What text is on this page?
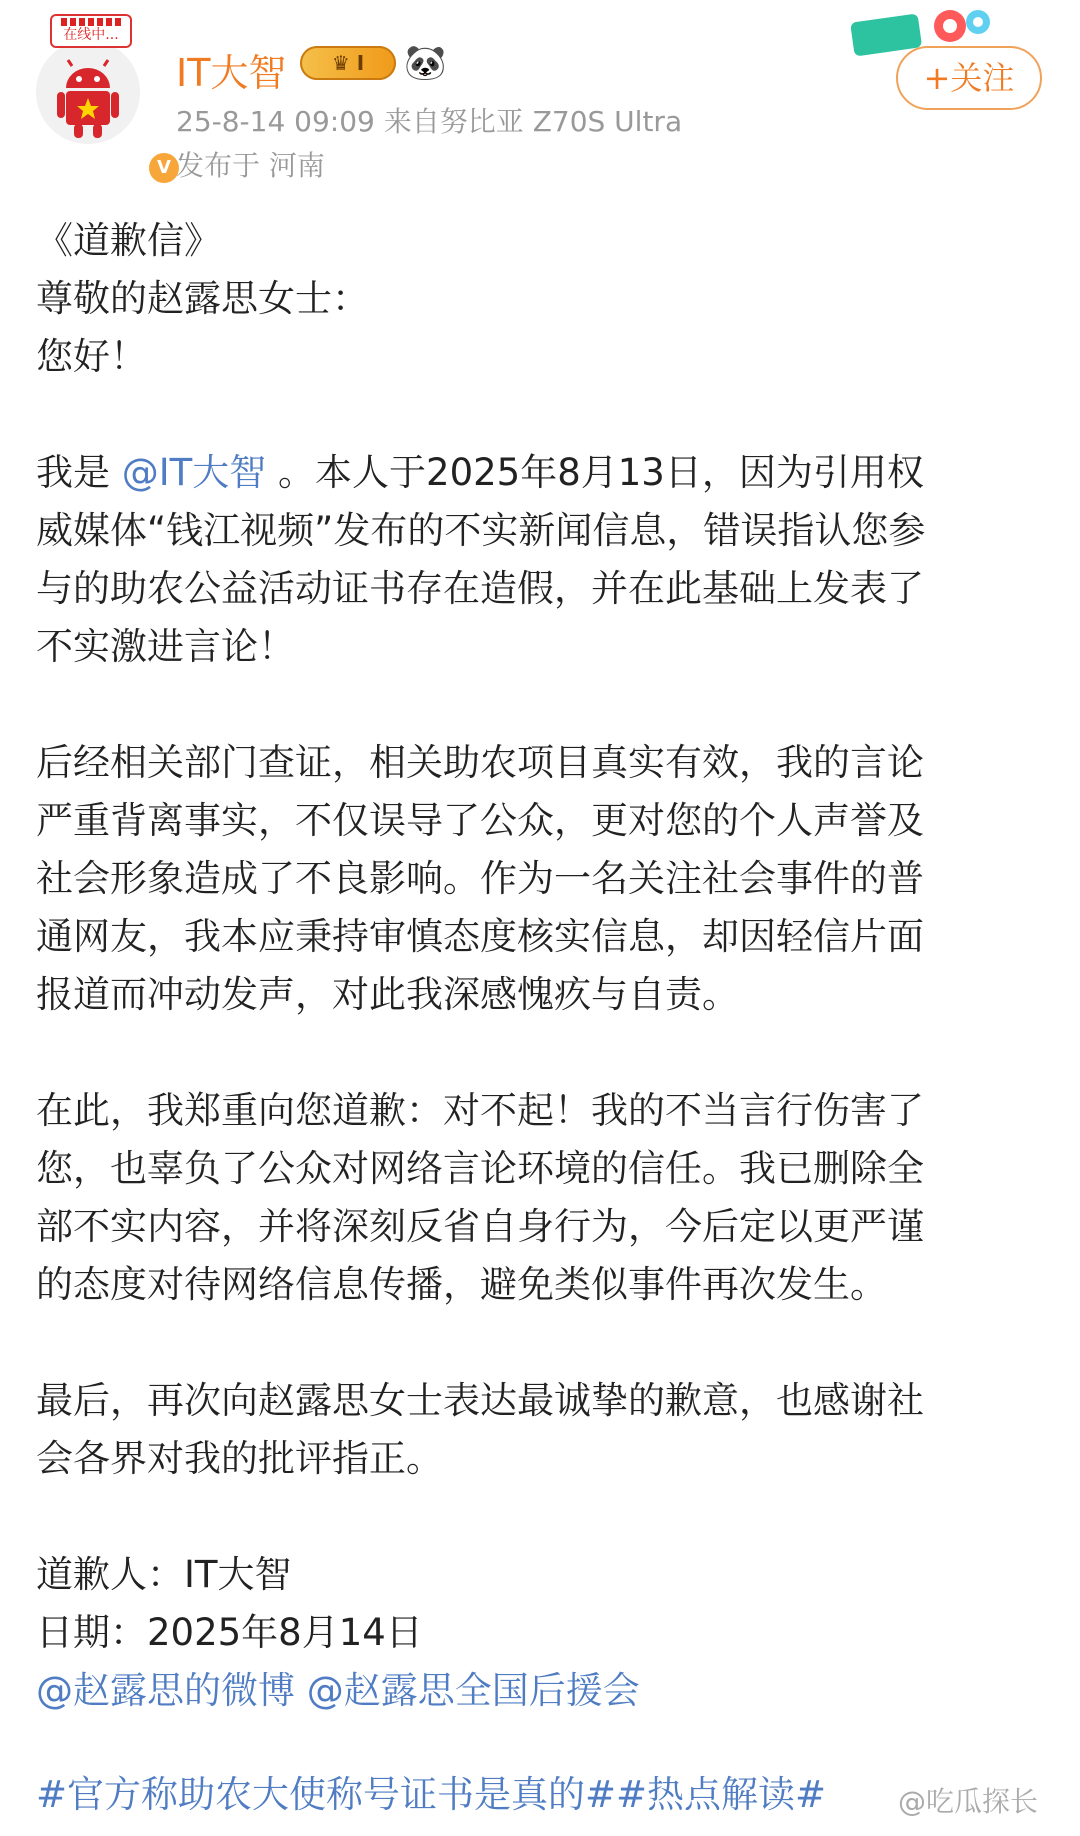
V
在线中...
IT大智	♛ I	🐼
25-8-14 09:09 来自努比亚 Z70S Ultra
发布于 河南
+关注

《道歉信》

尊敬的赵露思女士：

您好！

我是 @IT大智 。本人于2025年8月13日，因为引用权

威媒体“钱江视频”发布的不实新闻信息，错误指认您参

与的助农公益活动证书存在造假，并在此基础上发表了

不实激进言论！

后经相关部门查证，相关助农项目真实有效，我的言论

严重背离事实，不仅误导了公众，更对您的个人声誉及

社会形象造成了不良影响。作为一名关注社会事件的普

通网友，我本应秉持审慎态度核实信息，却因轻信片面

报道而冲动发声，对此我深感愧疚与自责。

在此，我郑重向您道歉：对不起！我的不当言行伤害了

您，也辜负了公众对网络言论环境的信任。我已删除全

部不实内容，并将深刻反省自身行为，今后定以更严谨

的态度对待网络信息传播，避免类似事件再次发生。

最后，再次向赵露思女士表达最诚挚的歉意，也感谢社

会各界对我的批评指正。

道歉人：IT大智

日期：2025年8月14日

@赵露思的微博 @赵露思全国后援会

#官方称助农大使称号证书是真的##热点解读#	@吃瓜探长
